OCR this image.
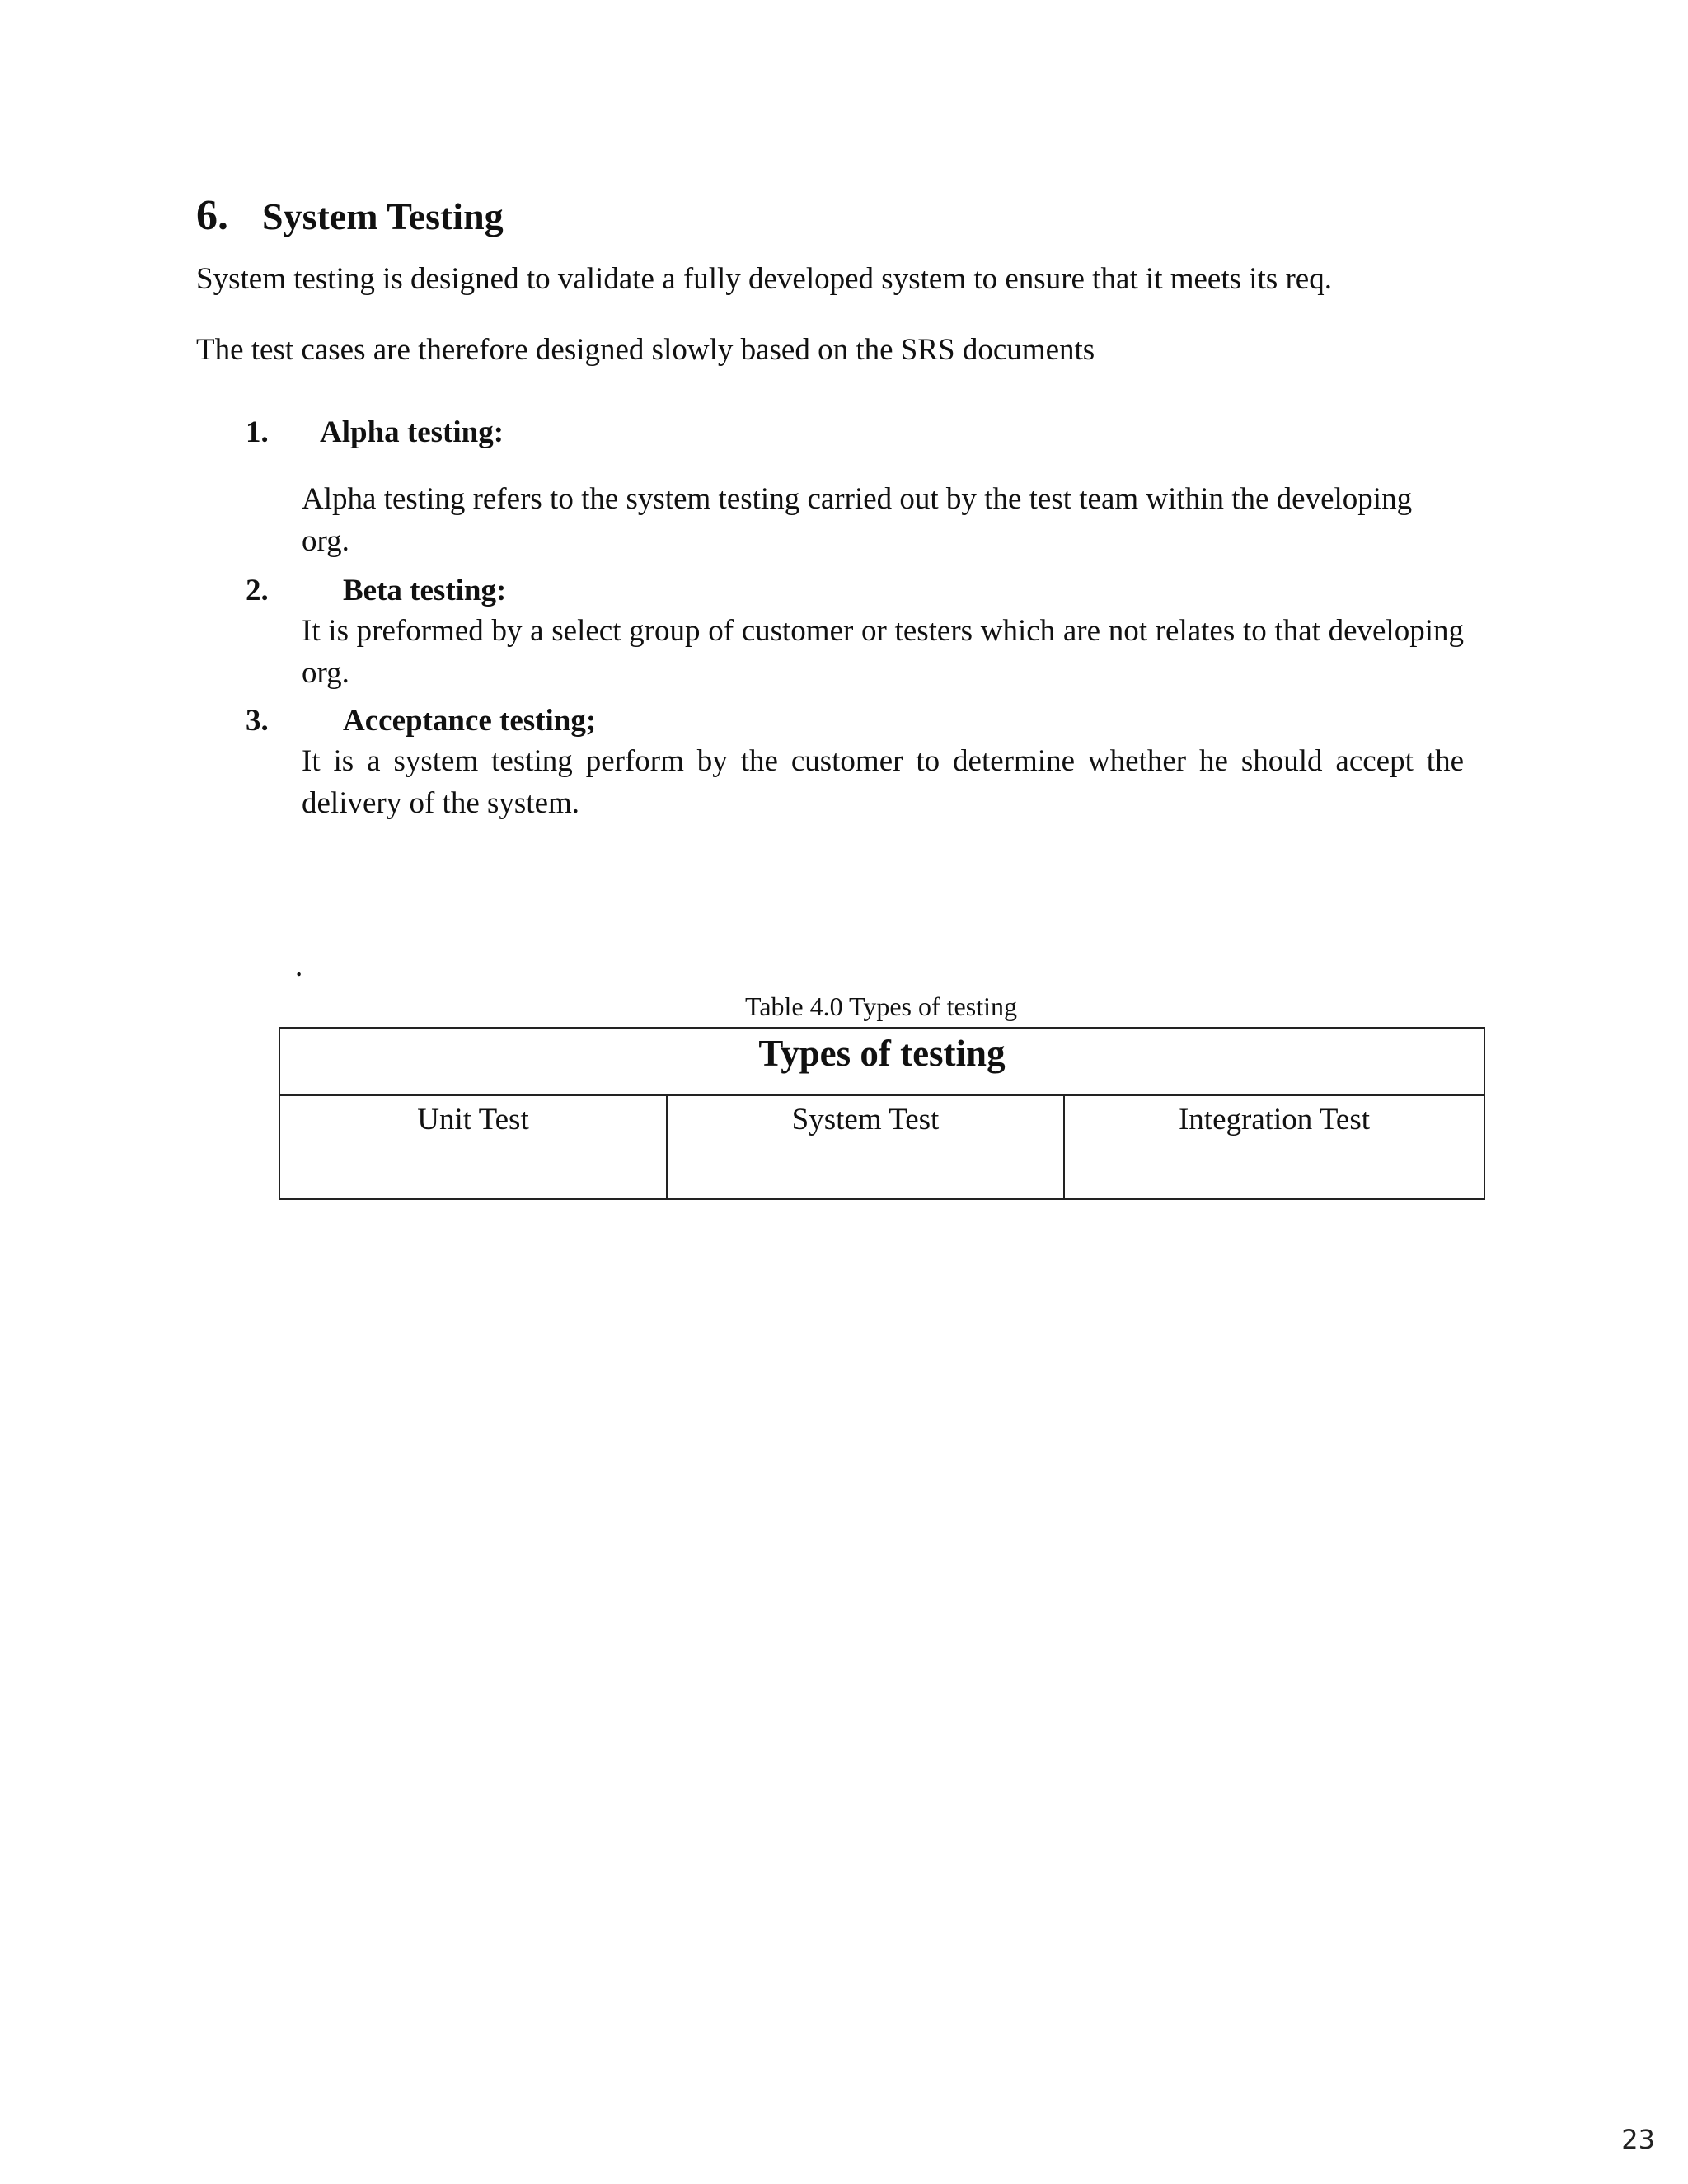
6. System Testing
System testing is designed to validate a fully developed system to ensure that it meets its req.
The test cases are therefore designed slowly based on the SRS documents
1. Alpha testing:
Alpha testing refers to the system testing carried out by the test team within the developing org.
2. Beta testing:
It is preformed by a select group of customer or testers which are not relates to that developing org.
3. Acceptance testing;
It is a system testing perform by the customer to determine whether he should accept the delivery of the system.
.
Table 4.0 Types of testing
Types of testing
Unit Test	System Test	Integration Test
23
